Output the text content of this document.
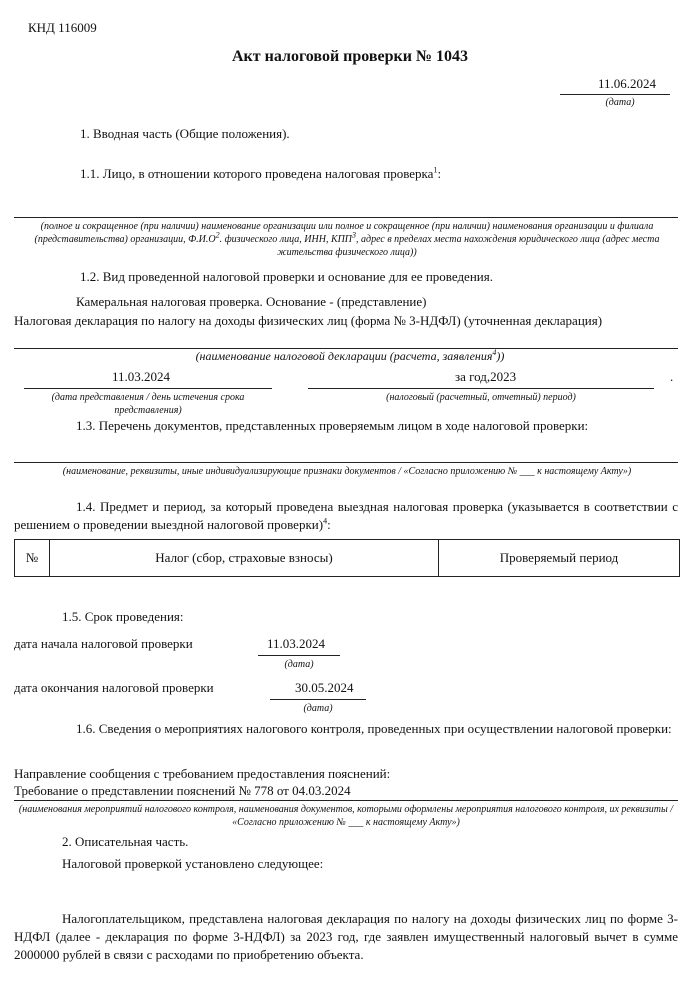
КНД 116009
Акт налоговой проверки № 1043
11.06.2024
(дата)
1. Вводная часть (Общие положения).
1.1. Лицо, в отношении которого проведена налоговая проверка$^1$:
(полное и сокращенное (при наличии) наименование организации или полное и сокращенное (при наличии) наименования организации и филиала (представительства) организации, $Ф.И.О^2$. физического лица, ИНН, КПП$^3$, адрес в пределах места нахождения юридического лица (адрес места жительства физического лица))
1.2. Вид проведенной налоговой проверки и основание для ее проведения.
Камеральная налоговая проверка. Основание - (представление)
Налоговая декларация по налогу на доходы физических лиц (форма № 3-НДФЛ) (уточненная декларация)
(наименование налоговой декларации (расчета, заявления$^4$))
11.03.2024	за год,2023	.
(дата представления / день истечения срока представления)
(налоговый (расчетный, отчетный) период)
1.3. Перечень документов, представленных проверяемым лицом в ходе налоговой проверки:
(наименование, реквизиты, иные индивидуализирующие признаки документов / «Согласно приложению № ___ к настоящему Акту»)
1.4. Предмет и период, за который проведена выездная налоговая проверка (указывается в соответствии с решением о проведении выездной налоговой проверки)$^4$:
№	Налог (сбор, страховые взносы)	Проверяемый период
1.5. Срок проведения:
дата начала налоговой проверки	11.03.2024
(дата)
дата окончания налоговой проверки	30.05.2024
(дата)
1.6. Сведения о мероприятиях налогового контроля, проведенных при осуществлении налоговой проверки:
Направление сообщения с требованием предоставления пояснений:
Требование о представлении пояснений № 778 от 04.03.2024
(наименования мероприятий налогового контроля, наименования документов, которыми оформлены мероприятия налогового контроля, их реквизиты / «Согласно приложению № ___ к настоящему Акту»)
2. Описательная часть.
Налоговой проверкой установлено следующее:
Налогоплательщиком, представлена налоговая декларация по налогу на доходы физических лиц по форме 3-НДФЛ (далее - декларация по форме 3-НДФЛ) за 2023 год, где заявлен имущественный налоговый вычет в сумме 2000000 рублей в связи с расходами по приобретению объекта.
